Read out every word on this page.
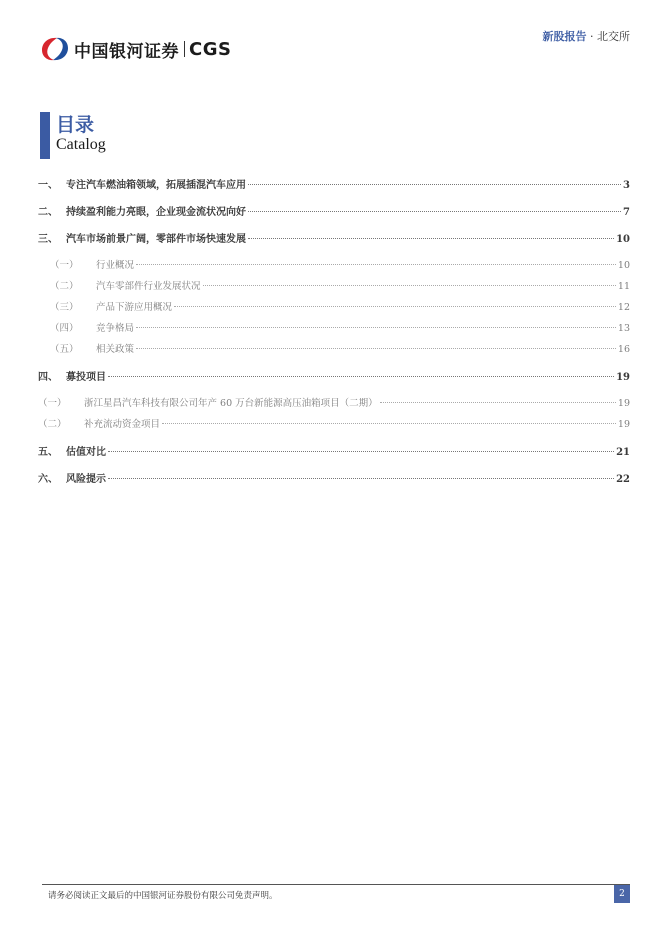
中国银河证券 CGS
新股报告 · 北交所
目录
Catalog
一、 专注汽车燃油箱领域，拓展插混汽车应用	3
二、 持续盈利能力亮眼，企业现金流状况向好	7
三、 汽车市场前景广阔，零部件市场快速发展	10
（一）	行业概况	10
（二）	汽车零部件行业发展状况	11
（三）	产品下游应用概况	12
（四）	竞争格局	13
（五）	相关政策	16
四、 募投项目	19
（一）	浙江星昌汽车科技有限公司年产 60 万台新能源高压油箱项目（二期）	19
（二）	补充流动资金项目	19
五、 估值对比	21
六、 风险提示	22
请务必阅读正文最后的中国银河证券股份有限公司免责声明。	2
